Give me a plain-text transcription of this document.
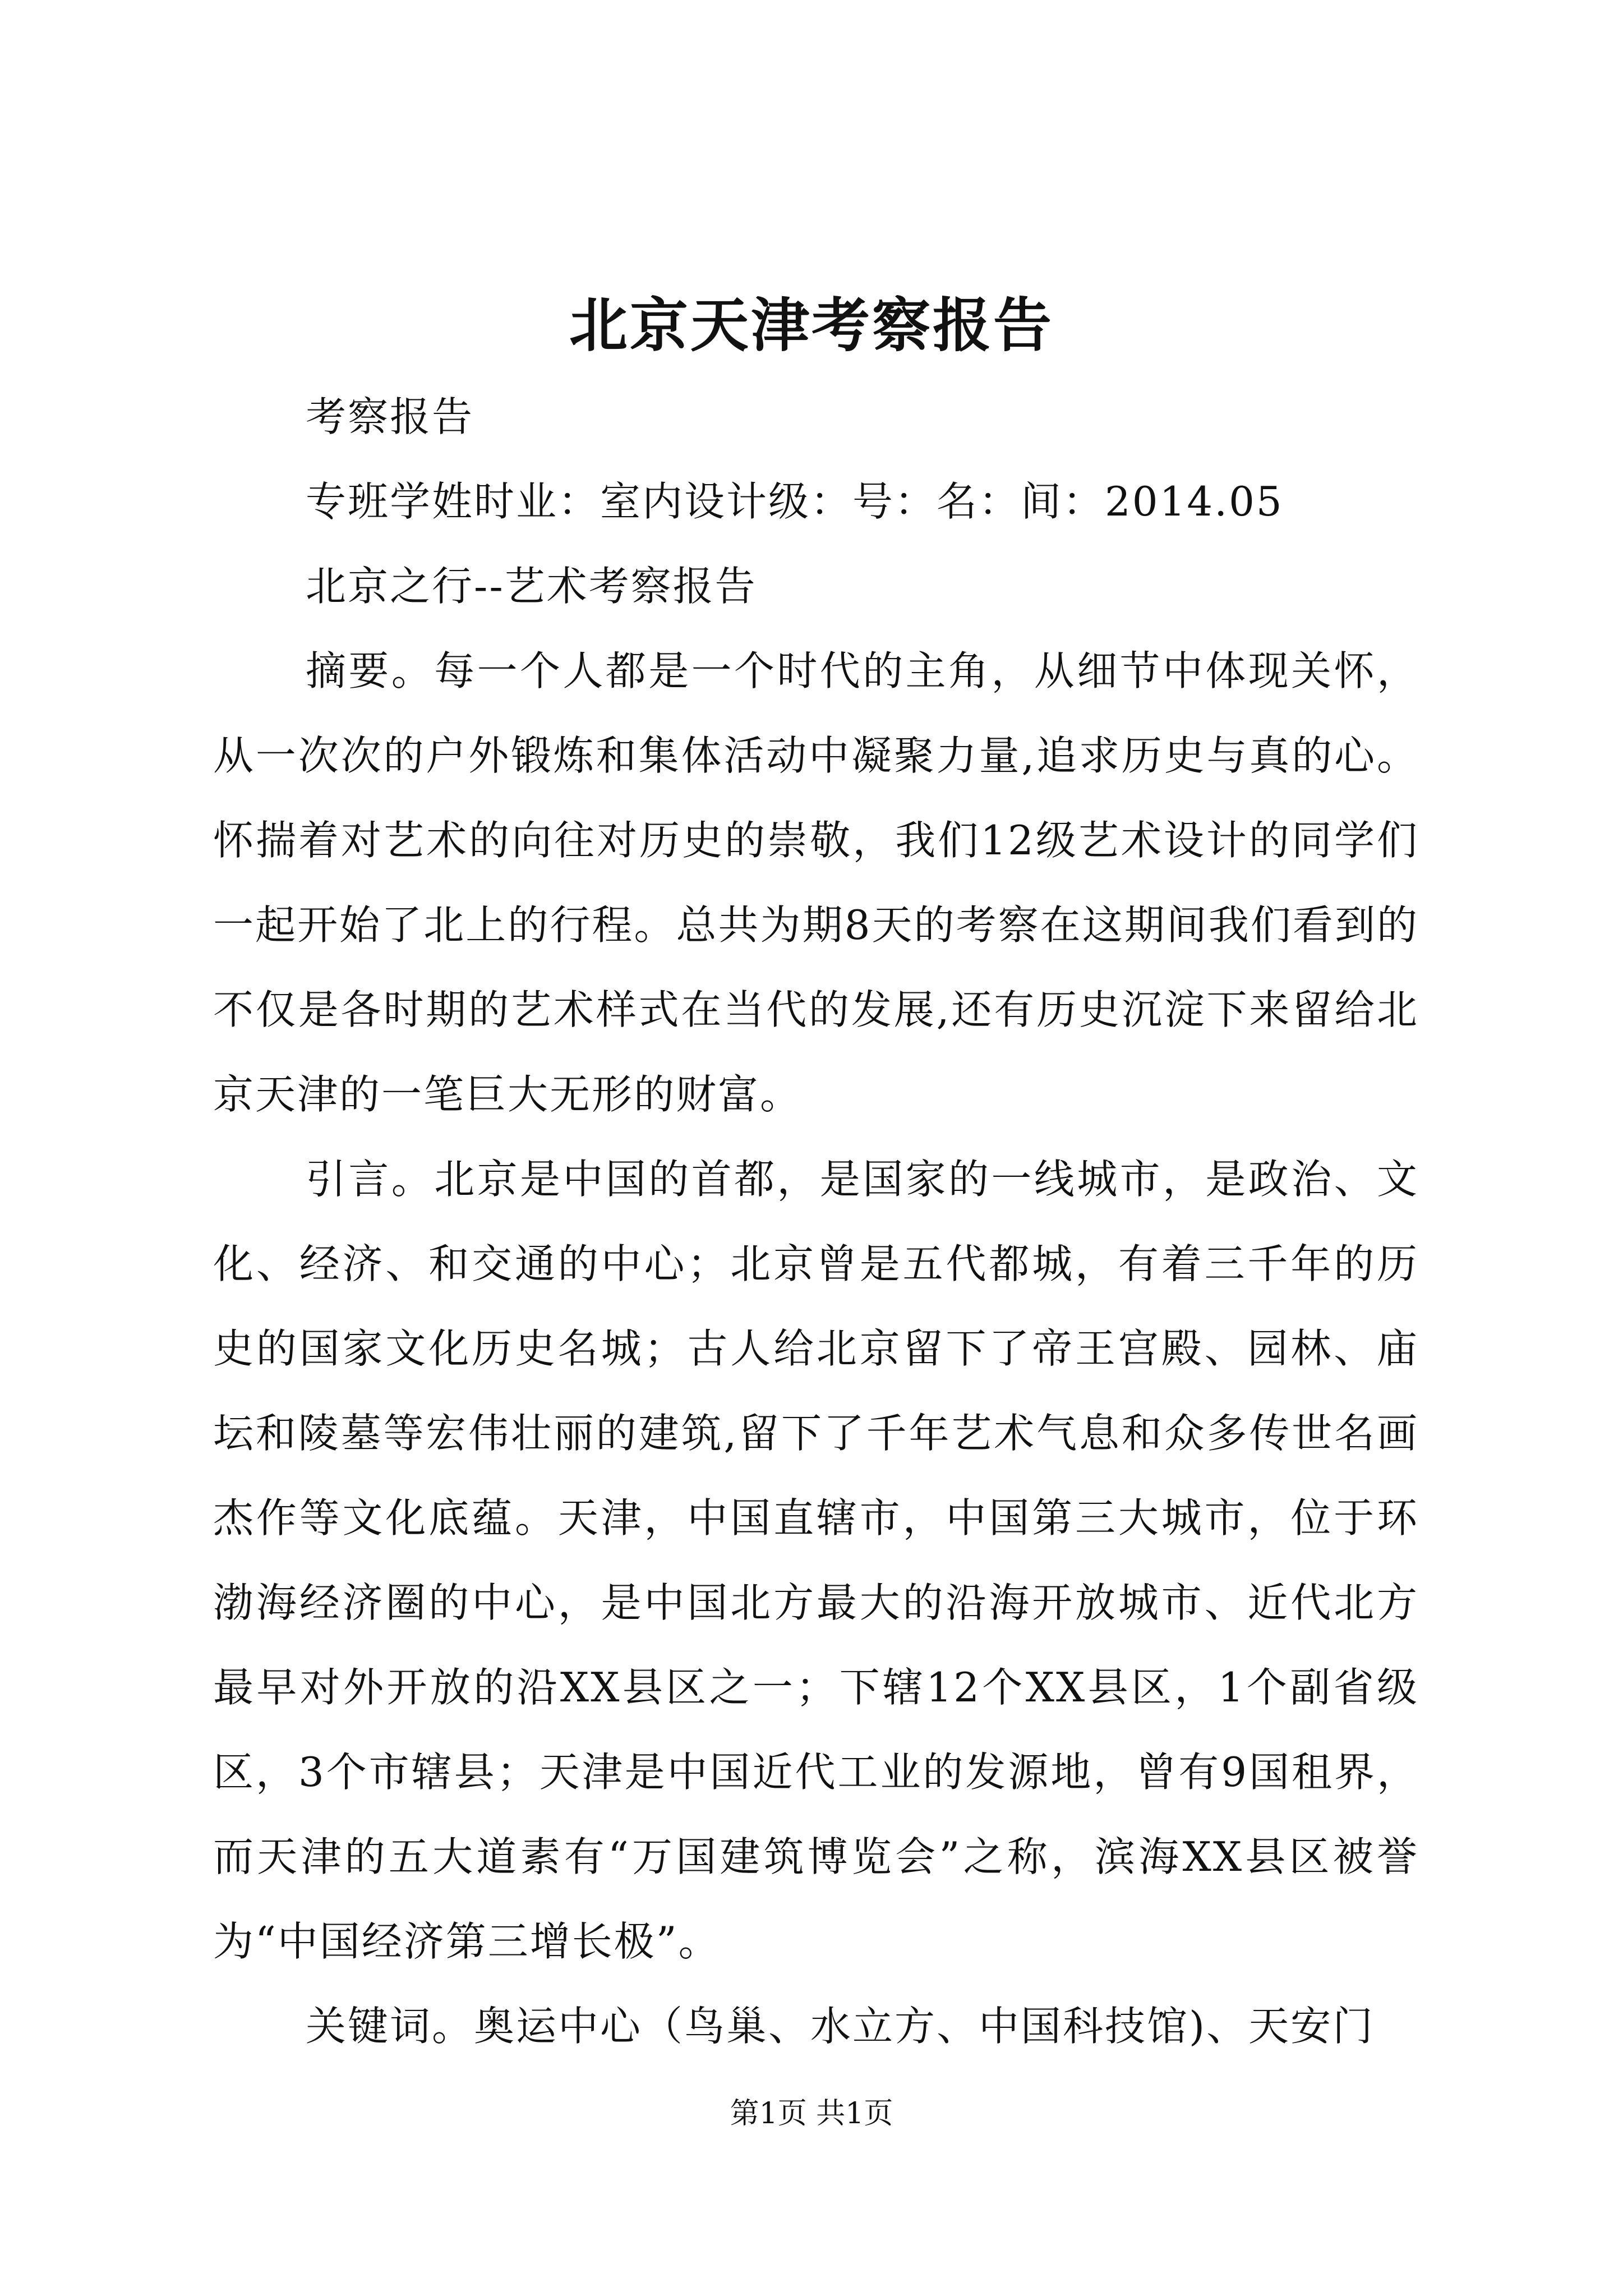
北京天津考察报告

考察报告

专班学姓时业：室内设计级：号：名：间：2014.05

北京之行--艺术考察报告

摘要。每一个人都是一个时代的主角，从细节中体现关怀，从一次次的户外锻炼和集体活动中凝聚力量,追求历史与真的心。怀揣着对艺术的向往对历史的崇敬，我们12级艺术设计的同学们一起开始了北上的行程。总共为期8天的考察在这期间我们看到的不仅是各时期的艺术样式在当代的发展,还有历史沉淀下来留给北京天津的一笔巨大无形的财富。

引言。北京是中国的首都，是国家的一线城市，是政治、文化、经济、和交通的中心；北京曾是五代都城，有着三千年的历史的国家文化历史名城；古人给北京留下了帝王宫殿、园林、庙坛和陵墓等宏伟壮丽的建筑,留下了千年艺术气息和众多传世名画杰作等文化底蕴。天津，中国直辖市，中国第三大城市，位于环渤海经济圈的中心，是中国北方最大的沿海开放城市、近代北方最早对外开放的沿XX县区之一；下辖12个XX县区，1个副省级区，3个市辖县；天津是中国近代工业的发源地，曾有9国租界，而天津的五大道素有“万国建筑博览会”之称，滨海XX县区被誉为“中国经济第三增长极”。

关键词。奥运中心（鸟巢、水立方、中国科技馆)、天安门

第1页 共1页
